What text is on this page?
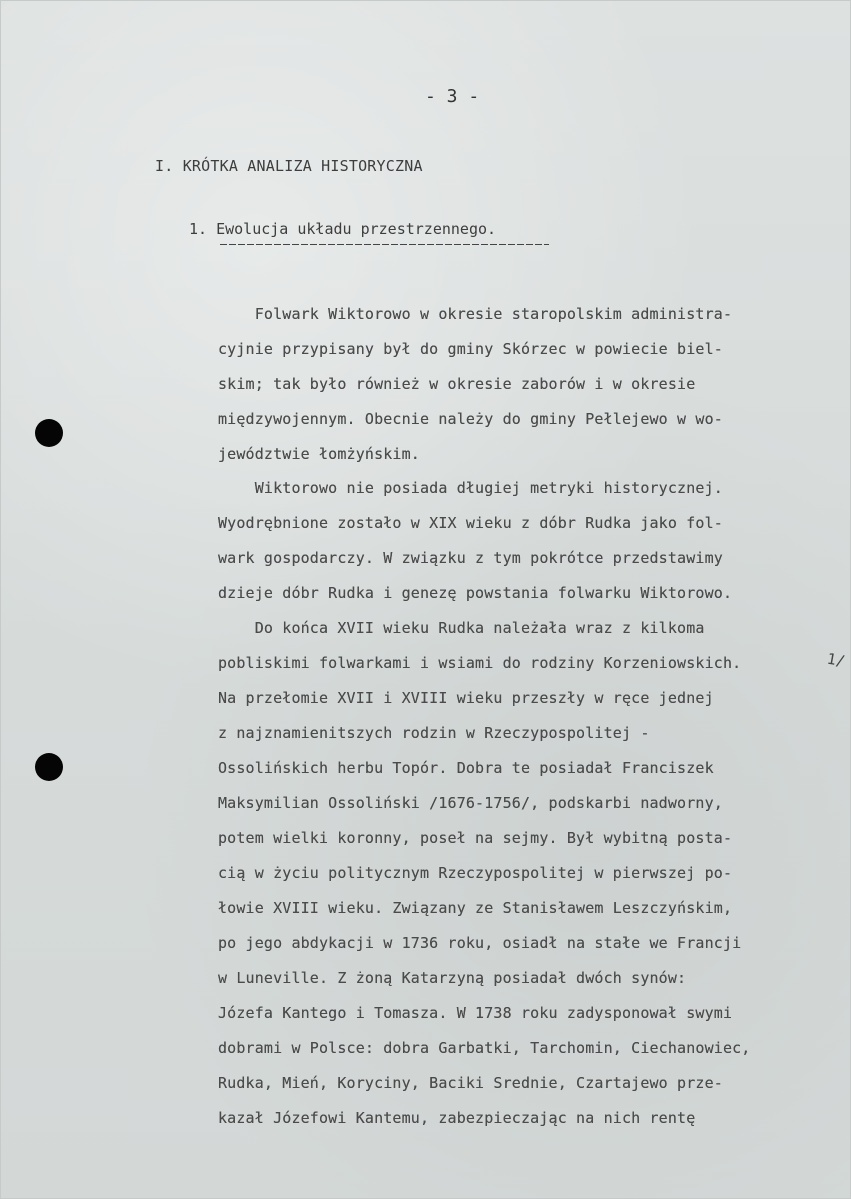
- 3 -
I. KRÓTKA ANALIZA HISTORYCZNA
1. Ewolucja układu przestrzennego.
Folwark Wiktorowo w okresie staropolskim administra-
cyjnie przypisany był do gminy Skórzec w powiecie biel-
skim; tak było również w okresie zaborów i w okresie
międzywojennym. Obecnie należy do gminy Pełlejewo w wo-
jewództwie łomżyńskim.
Wiktorowo nie posiada długiej metryki historycznej.
Wyodrębnione zostało w XIX wieku z dóbr Rudka jako fol-
wark gospodarczy. W związku z tym pokrótce przedstawimy
dzieje dóbr Rudka i genezę powstania folwarku Wiktorowo.
Do końca XVII wieku Rudka należała wraz z kilkoma
pobliskimi folwarkami i wsiami do rodziny Korzeniowskich.
Na przełomie XVII i XVIII wieku przeszły w ręce jednej
z najznamienitszych rodzin w Rzeczypospolitej -
Ossolińskich herbu Topór. Dobra te posiadał Franciszek
Maksymilian Ossoliński /1676-1756/, podskarbi nadworny,
potem wielki koronny, poseł na sejmy. Był wybitną posta-
cią w życiu politycznym Rzeczypospolitej w pierwszej po-
łowie XVIII wieku. Związany ze Stanisławem Leszczyńskim,
po jego abdykacji w 1736 roku, osiadł na stałe we Francji
w Luneville. Z żoną Katarzyną posiadał dwóch synów:
Józefa Kantego i Tomasza. W 1738 roku zadysponował swymi
dobrami w Polsce: dobra Garbatki, Tarchomin, Ciechanowiec,
Rudka, Mień, Koryciny, Baciki Srednie, Czartajewo prze-
kazał Józefowi Kantemu, zabezpieczając na nich rentę
1/
